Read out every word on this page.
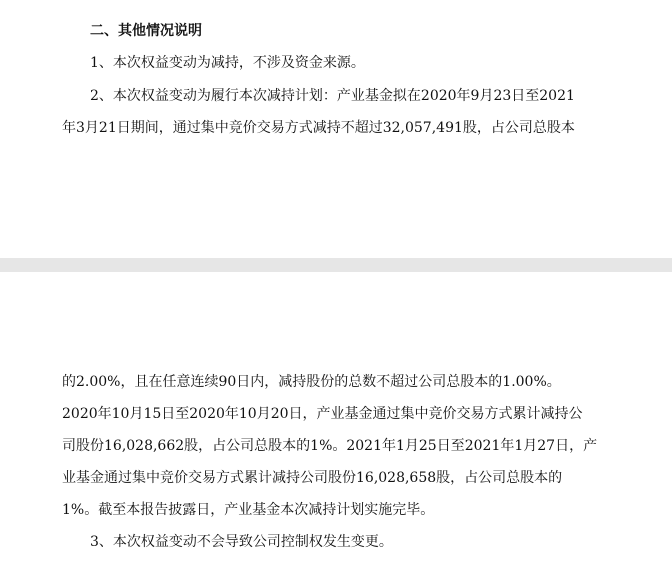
二、其他情况说明
1、本次权益变动为减持，不涉及资金来源。
2、本次权益变动为履行本次减持计划：产业基金拟在2020年9月23日至2021
年3月21日期间，通过集中竞价交易方式减持不超过32,057,491股，占公司总股本
的2.00%，且在任意连续90日内，减持股份的总数不超过公司总股本的1.00%。
2020年10月15日至2020年10月20日，产业基金通过集中竞价交易方式累计减持公
司股份16,028,662股，占公司总股本的1%。2021年1月25日至2021年1月27日，产
业基金通过集中竞价交易方式累计减持公司股份16,028,658股，占公司总股本的
1%。截至本报告披露日，产业基金本次减持计划实施完毕。
3、本次权益变动不会导致公司控制权发生变更。
